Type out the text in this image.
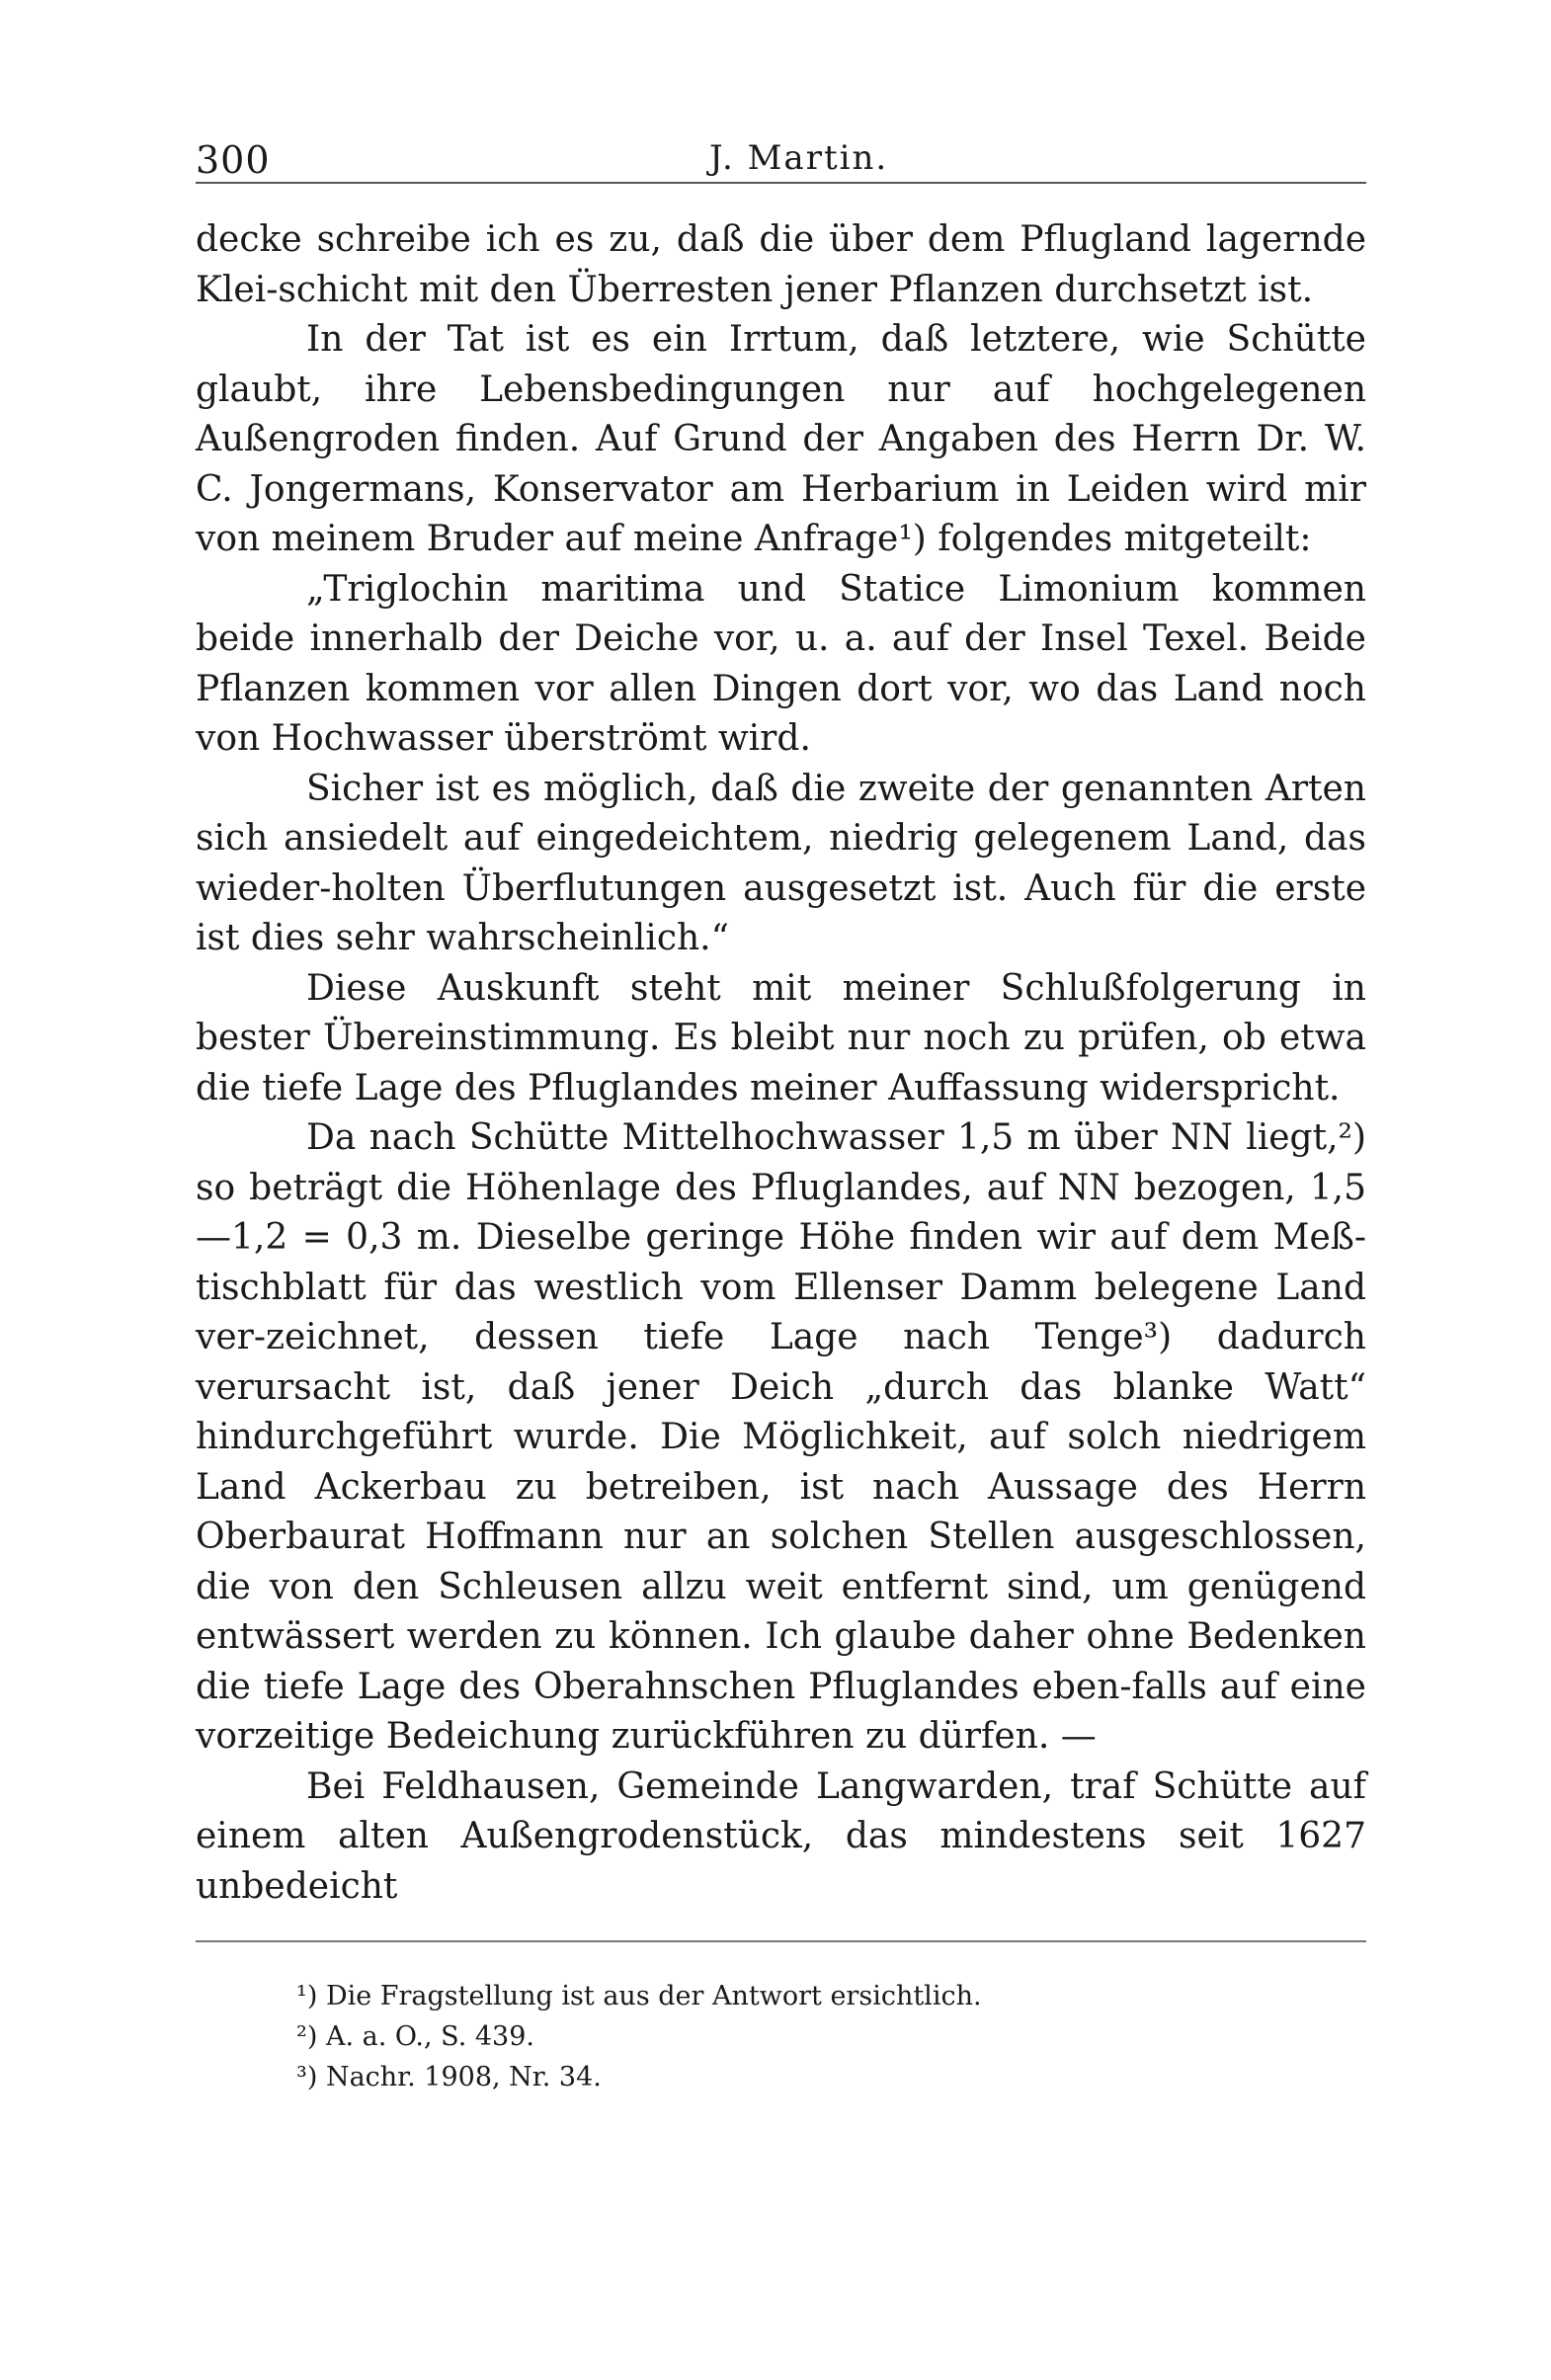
300	J. Martin.

decke schreibe ich es zu, daß die über dem Pflugland lagernde Klei-schicht mit den Überresten jener Pflanzen durchsetzt ist.

In der Tat ist es ein Irrtum, daß letztere, wie Schütte glaubt, ihre Lebensbedingungen nur auf hochgelegenen Außengroden finden. Auf Grund der Angaben des Herrn Dr. W. C. Jongermans, Konservator am Herbarium in Leiden wird mir von meinem Bruder auf meine Anfrage¹) folgendes mitgeteilt:

„Triglochin maritima und Statice Limonium kommen beide innerhalb der Deiche vor, u. a. auf der Insel Texel. Beide Pflanzen kommen vor allen Dingen dort vor, wo das Land noch von Hochwasser überströmt wird.

Sicher ist es möglich, daß die zweite der genannten Arten sich ansiedelt auf eingedeichtem, niedrig gelegenem Land, das wieder-holten Überflutungen ausgesetzt ist. Auch für die erste ist dies sehr wahrscheinlich.“

Diese Auskunft steht mit meiner Schlußfolgerung in bester Übereinstimmung. Es bleibt nur noch zu prüfen, ob etwa die tiefe Lage des Pfluglandes meiner Auffassung widerspricht.

Da nach Schütte Mittelhochwasser 1,5 m über NN liegt,²) so beträgt die Höhenlage des Pfluglandes, auf NN bezogen, 1,5 —1,2 = 0,3 m. Dieselbe geringe Höhe finden wir auf dem Meß-tischblatt für das westlich vom Ellenser Damm belegene Land ver-zeichnet, dessen tiefe Lage nach Tenge³) dadurch verursacht ist, daß jener Deich „durch das blanke Watt“ hindurchgeführt wurde. Die Möglichkeit, auf solch niedrigem Land Ackerbau zu betreiben, ist nach Aussage des Herrn Oberbaurat Hoffmann nur an solchen Stellen ausgeschlossen, die von den Schleusen allzu weit entfernt sind, um genügend entwässert werden zu können. Ich glaube daher ohne Bedenken die tiefe Lage des Oberahnschen Pfluglandes eben-falls auf eine vorzeitige Bedeichung zurückführen zu dürfen. —

Bei Feldhausen, Gemeinde Langwarden, traf Schütte auf einem alten Außengrodenstück, das mindestens seit 1627 unbedeicht

¹) Die Fragstellung ist aus der Antwort ersichtlich.

²) A. a. O., S. 439.

³) Nachr. 1908, Nr. 34.
